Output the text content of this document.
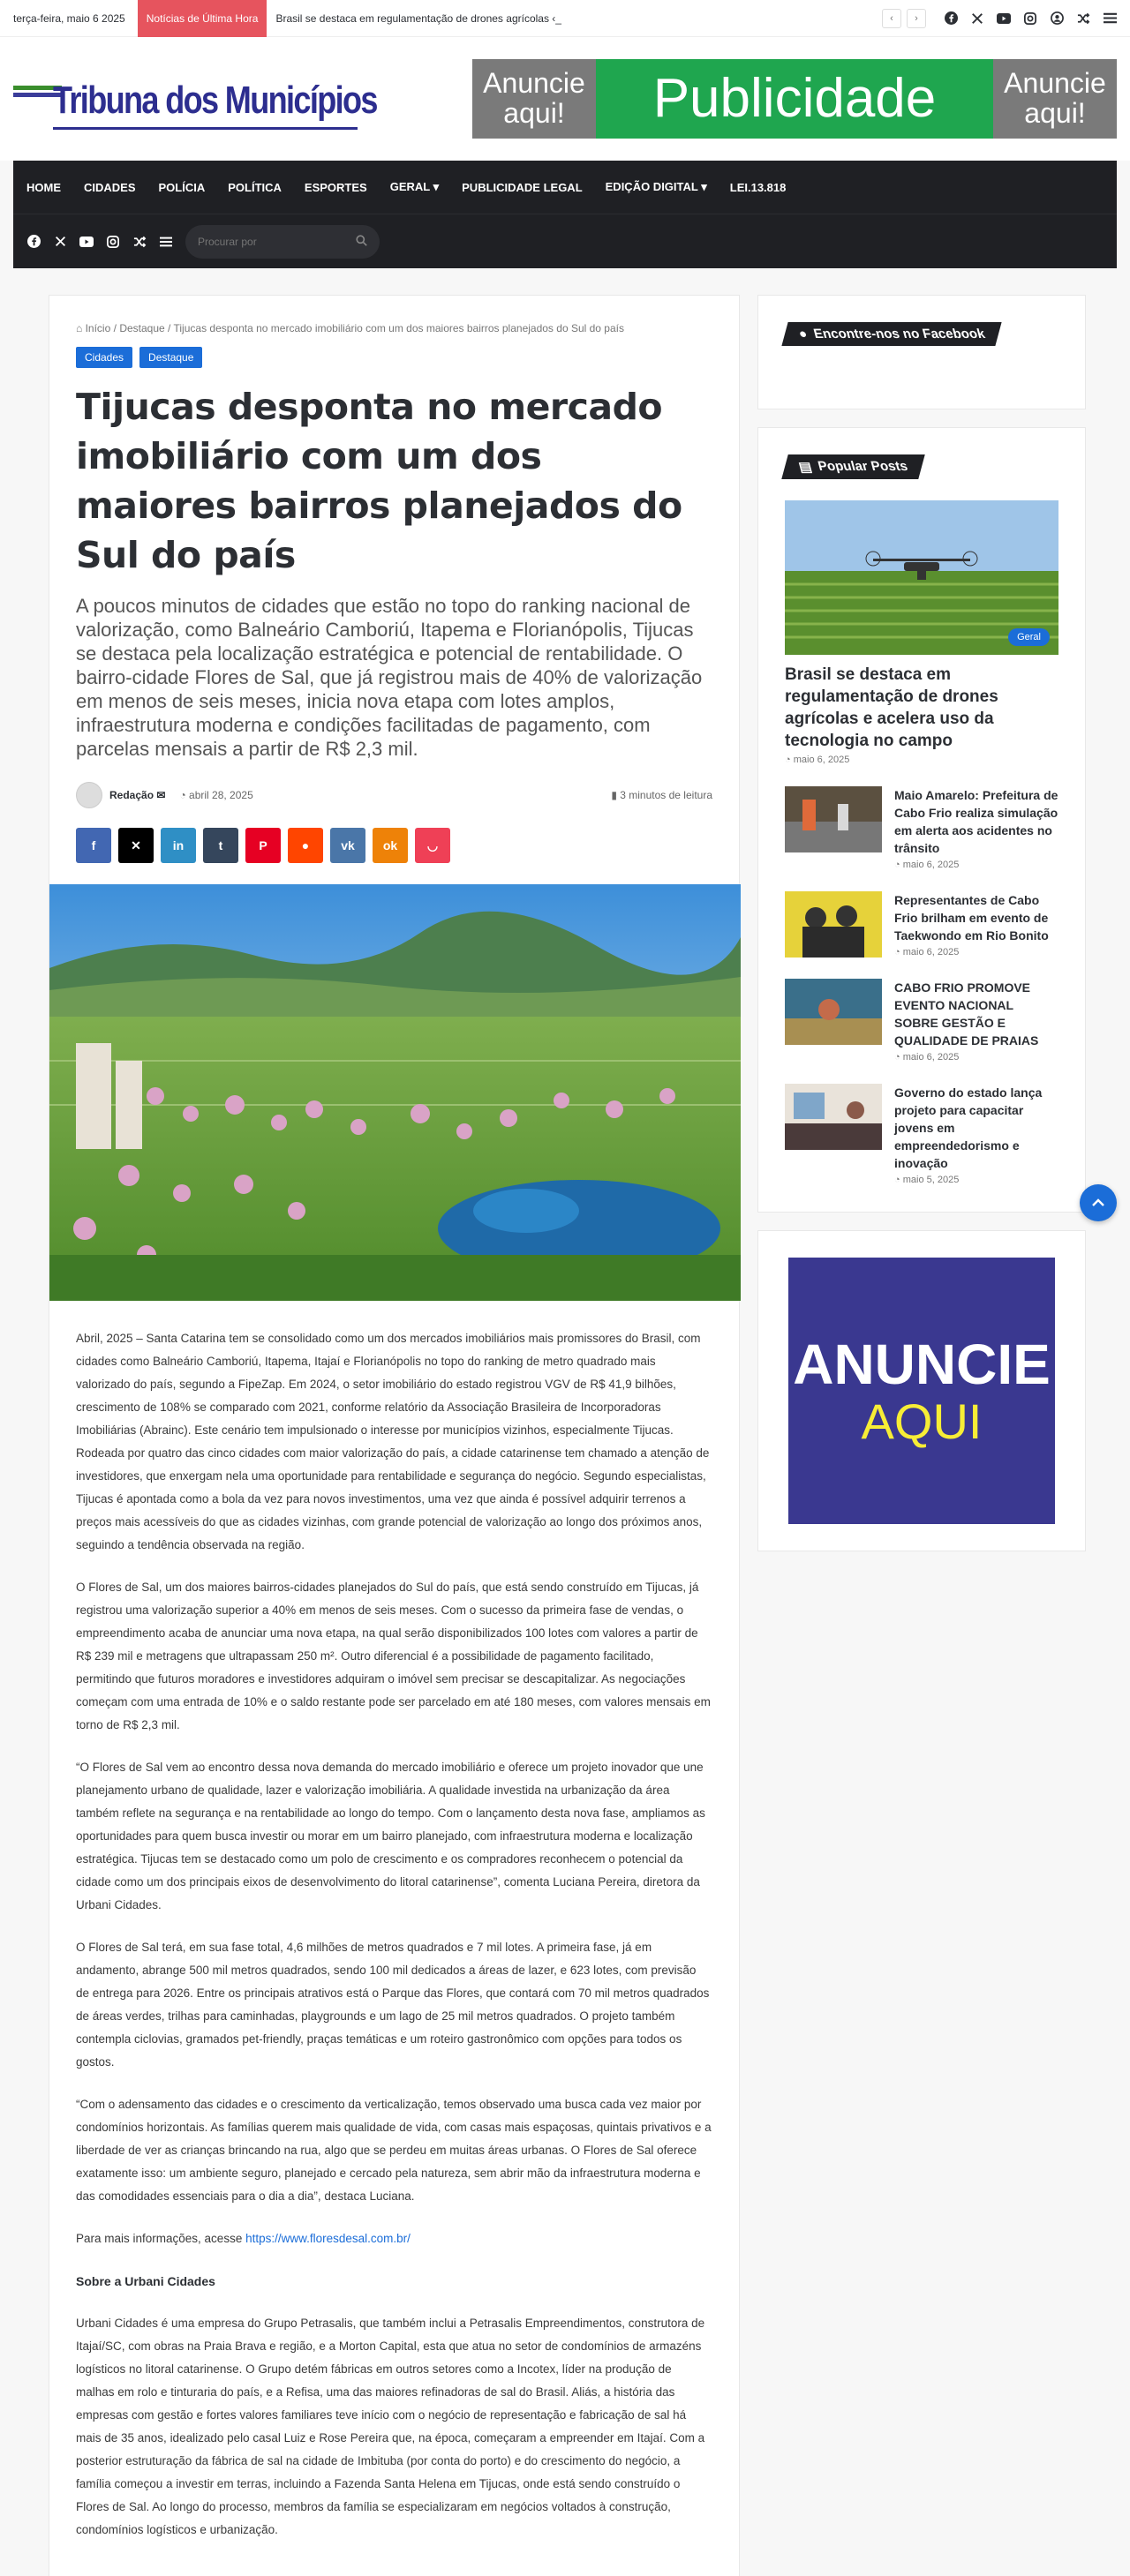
terça-feira, maio 6 2025	Notícias de Última Hora	Brasil se destaca em regulamentação de drones agrícolas ‹_	‹	›
Tribuna dos Municípios	Anuncie aqui!	Publicidade	Anuncie aqui!
HOME	CIDADES	POLÍCIA	POLÍTICA	ESPORTES	GERAL ▾	PUBLICIDADE LEGAL	EDIÇÃO DIGITAL ▾	LEI.13.818
Procurar por
⌂ Início / Destaque / Tijucas desponta no mercado imobiliário com um dos maiores bairros planejados do Sul do país
Cidades	Destaque
Tijucas desponta no mercado imobiliário com um dos maiores bairros planejados do Sul do país

A poucos minutos de cidades que estão no topo do ranking nacional de valorização, como Balneário Camboriú, Itapema e Florianópolis, Tijucas se destaca pela localização estratégica e potencial de rentabilidade. O bairro-cidade Flores de Sal, que já registrou mais de 40% de valorização em menos de seis meses, inicia nova etapa com lotes amplos, infraestrutura moderna e condições facilitadas de pagamento, com parcelas mensais a partir de R$ 2,3 mil.

Redação ✉ ◔ abril 28, 2025	▮ 3 minutos de leitura
f	✕	in	t	P	●	vk	ok	◡

Abril, 2025 – Santa Catarina tem se consolidado como um dos mercados imobiliários mais promissores do Brasil, com cidades como Balneário Camboriú, Itapema, Itajaí e Florianópolis no topo do ranking de metro quadrado mais valorizado do país, segundo a FipeZap. Em 2024, o setor imobiliário do estado registrou VGV de R$ 41,9 bilhões, crescimento de 108% se comparado com 2021, conforme relatório da Associação Brasileira de Incorporadoras Imobiliárias (Abrainc). Este cenário tem impulsionado o interesse por municípios vizinhos, especialmente Tijucas. Rodeada por quatro das cinco cidades com maior valorização do país, a cidade catarinense tem chamado a atenção de investidores, que enxergam nela uma oportunidade para rentabilidade e segurança do negócio. Segundo especialistas, Tijucas é apontada como a bola da vez para novos investimentos, uma vez que ainda é possível adquirir terrenos a preços mais acessíveis do que as cidades vizinhas, com grande potencial de valorização ao longo dos próximos anos, seguindo a tendência observada na região.

O Flores de Sal, um dos maiores bairros-cidades planejados do Sul do país, que está sendo construído em Tijucas, já registrou uma valorização superior a 40% em menos de seis meses. Com o sucesso da primeira fase de vendas, o empreendimento acaba de anunciar uma nova etapa, na qual serão disponibilizados 100 lotes com valores a partir de R$ 239 mil e metragens que ultrapassam 250 m². Outro diferencial é a possibilidade de pagamento facilitado, permitindo que futuros moradores e investidores adquiram o imóvel sem precisar se descapitalizar. As negociações começam com uma entrada de 10% e o saldo restante pode ser parcelado em até 180 meses, com valores mensais em torno de R$ 2,3 mil.

“O Flores de Sal vem ao encontro dessa nova demanda do mercado imobiliário e oferece um projeto inovador que une planejamento urbano de qualidade, lazer e valorização imobiliária. A qualidade investida na urbanização da área também reflete na segurança e na rentabilidade ao longo do tempo. Com o lançamento desta nova fase, ampliamos as oportunidades para quem busca investir ou morar em um bairro planejado, com infraestrutura moderna e localização estratégica. Tijucas tem se destacado como um polo de crescimento e os compradores reconhecem o potencial da cidade como um dos principais eixos de desenvolvimento do litoral catarinense”, comenta Luciana Pereira, diretora da Urbani Cidades.

O Flores de Sal terá, em sua fase total, 4,6 milhões de metros quadrados e 7 mil lotes. A primeira fase, já em andamento, abrange 500 mil metros quadrados, sendo 100 mil dedicados a áreas de lazer, e 623 lotes, com previsão de entrega para 2026. Entre os principais atrativos está o Parque das Flores, que contará com 70 mil metros quadrados de áreas verdes, trilhas para caminhadas, playgrounds e um lago de 25 mil metros quadrados. O projeto também contempla ciclovias, gramados pet-friendly, praças temáticas e um roteiro gastronômico com opções para todos os gostos.

“Com o adensamento das cidades e o crescimento da verticalização, temos observado uma busca cada vez maior por condomínios horizontais. As famílias querem mais qualidade de vida, com casas mais espaçosas, quintais privativos e a liberdade de ver as crianças brincando na rua, algo que se perdeu em muitas áreas urbanas. O Flores de Sal oferece exatamente isso: um ambiente seguro, planejado e cercado pela natureza, sem abrir mão da infraestrutura moderna e das comodidades essenciais para o dia a dia”, destaca Luciana.

Para mais informações, acesse https://www.floresdesal.com.br/

Sobre a Urbani Cidades

Urbani Cidades é uma empresa do Grupo Petrasalis, que também inclui a Petrasalis Empreendimentos, construtora de Itajaí/SC, com obras na Praia Brava e região, e a Morton Capital, esta que atua no setor de condomínios de armazéns logísticos no litoral catarinense. O Grupo detém fábricas em outros setores como a Incotex, líder na produção de malhas em rolo e tinturaria do país, e a Refisa, uma das maiores refinadoras de sal do Brasil. Aliás, a história das empresas com gestão e fortes valores familiares teve início com o negócio de representação e fabricação de sal há mais de 35 anos, idealizado pelo casal Luiz e Rose Pereira que, na época, começaram a empreender em Itajaí. Com a posterior estruturação da fábrica de sal na cidade de Imbituba (por conta do porto) e do crescimento do negócio, a família começou a investir em terras, incluindo a Fazenda Santa Helena em Tijucas, onde está sendo construído o Flores de Sal. Ao longo do processo, membros da família se especializaram em negócios voltados à construção, condomínios logísticos e urbanização.

● Encontre-nos no Facebook
▤ Popular Posts
Geral
Brasil se destaca em regulamentação de drones agrícolas e acelera uso da tecnologia no campo
◔ maio 6, 2025
Maio Amarelo: Prefeitura de Cabo Frio realiza simulação em alerta aos acidentes no trânsito
◔ maio 6, 2025
Representantes de Cabo Frio brilham em evento de Taekwondo em Rio Bonito
◔ maio 6, 2025
CABO FRIO PROMOVE EVENTO NACIONAL SOBRE GESTÃO E QUALIDADE DE PRAIAS
◔ maio 6, 2025
Governo do estado lança projeto para capacitar jovens em empreendedorismo e inovação
◔ maio 5, 2025
ANUNCIE
AQUI
